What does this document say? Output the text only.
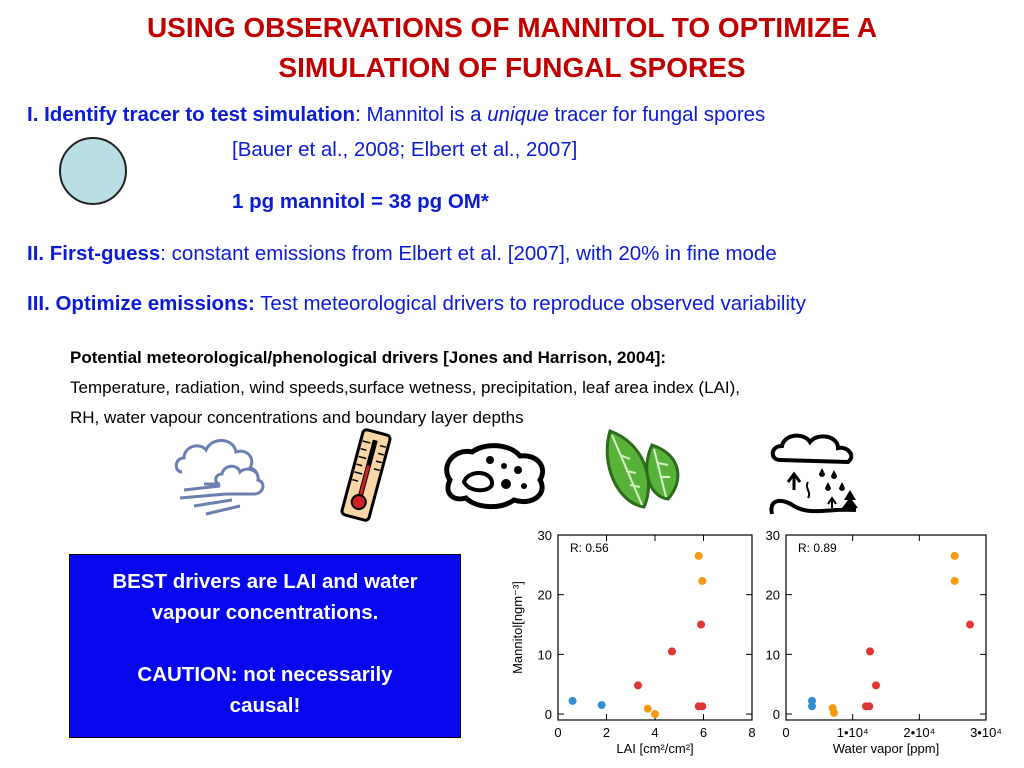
USING OBSERVATIONS OF MANNITOL TO OPTIMIZE A
SIMULATION OF FUNGAL SPORES
I. Identify tracer to test simulation: Mannitol is a unique tracer for fungal spores
[Bauer et al., 2008; Elbert et al., 2007]
1 pg mannitol = 38 pg OM*
II. First-guess: constant emissions from Elbert et al. [2007], with 20% in fine mode
III. Optimize emissions: Test meteorological drivers to reproduce observed variability
Potential meteorological/phenological drivers [Jones and Harrison, 2004]:
Temperature, radiation, wind speeds,surface wetness, precipitation, leaf area index (LAI),
RH, water vapour concentrations and boundary layer depths

BEST drivers are LAI and water

vapour concentrations.

CAUTION: not necessarily

causal!

0	2	4	6	8
0
10
20
30
R: 0.56
LAI [cm²/cm²]
Mannitol[ngm⁻³]
0	1•10⁴	2•10⁴	3•10⁴
0
10
20
30
R: 0.89
Water vapor [ppm]
